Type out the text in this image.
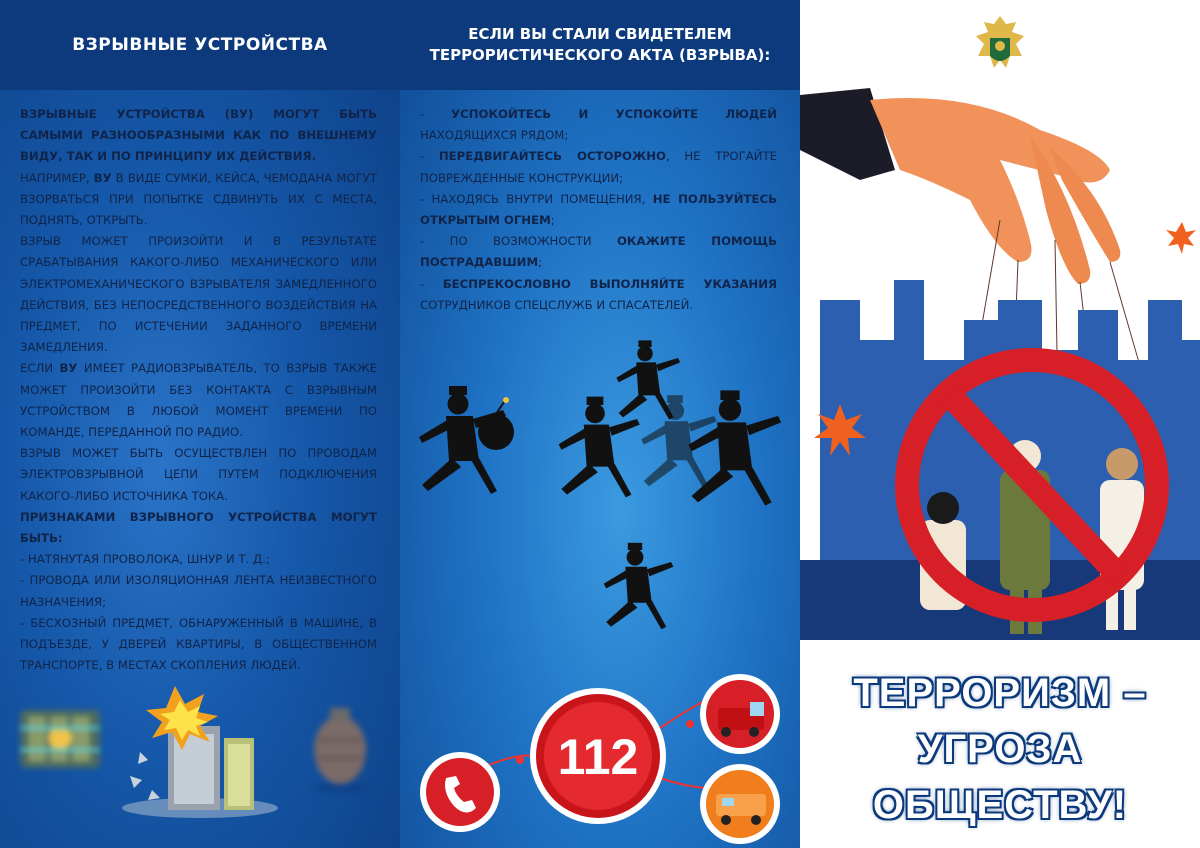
ВЗРЫВНЫЕ УСТРОЙСТВА

ВЗРЫВНЫЕ УСТРОЙСТВА (ВУ) МОГУТ БЫТЬ САМЫМИ РАЗНООБРАЗНЫМИ КАК ПО ВНЕШНЕМУ ВИДУ, ТАК И ПО ПРИНЦИПУ ИХ ДЕЙСТВИЯ.

НАПРИМЕР, ВУ В ВИДЕ СУМКИ, КЕЙСА, ЧЕМОДАНА МОГУТ ВЗОРВАТЬСЯ ПРИ ПОПЫТКЕ СДВИНУТЬ ИХ С МЕСТА, ПОДНЯТЬ, ОТКРЫТЬ.

ВЗРЫВ МОЖЕТ ПРОИЗОЙТИ И В РЕЗУЛЬТАТЕ СРАБАТЫВАНИЯ КАКОГО-ЛИБО МЕХАНИЧЕСКОГО ИЛИ ЭЛЕКТРОМЕХАНИЧЕСКОГО ВЗРЫВАТЕЛЯ ЗАМЕДЛЕННОГО ДЕЙСТВИЯ, БЕЗ НЕПОСРЕДСТВЕННОГО ВОЗДЕЙСТВИЯ НА ПРЕДМЕТ, ПО ИСТЕЧЕНИИ ЗАДАННОГО ВРЕМЕНИ ЗАМЕДЛЕНИЯ.

ЕСЛИ ВУ ИМЕЕТ РАДИОВЗРЫВАТЕЛЬ, ТО ВЗРЫВ ТАКЖЕ МОЖЕТ ПРОИЗОЙТИ БЕЗ КОНТАКТА С ВЗРЫВНЫМ УСТРОЙСТВОМ В ЛЮБОЙ МОМЕНТ ВРЕМЕНИ ПО КОМАНДЕ, ПЕРЕДАННОЙ ПО РАДИО.

ВЗРЫВ МОЖЕТ БЫТЬ ОСУЩЕСТВЛЕН ПО ПРОВОДАМ ЭЛЕКТРОВЗРЫВНОЙ ЦЕПИ ПУТЕМ ПОДКЛЮЧЕНИЯ КАКОГО-ЛИБО ИСТОЧНИКА ТОКА.

ПРИЗНАКАМИ ВЗРЫВНОГО УСТРОЙСТВА МОГУТ БЫТЬ:

- НАТЯНУТАЯ ПРОВОЛОКА, ШНУР И Т. Д.;

- ПРОВОДА ИЛИ ИЗОЛЯЦИОННАЯ ЛЕНТА НЕИЗВЕСТНОГО НАЗНАЧЕНИЯ;

- БЕСХОЗНЫЙ ПРЕДМЕТ, ОБНАРУЖЕННЫЙ В МАШИНЕ, В ПОДЪЕЗДЕ, У ДВЕРЕЙ КВАРТИРЫ, В ОБЩЕСТВЕННОМ ТРАНСПОРТЕ, В МЕСТАХ СКОПЛЕНИЯ ЛЮДЕЙ.

ЕСЛИ ВЫ СТАЛИ СВИДЕТЕЛЕМ
ТЕРРОРИСТИЧЕСКОГО АКТА (ВЗРЫВА):

- УСПОКОЙТЕСЬ И УСПОКОЙТЕ ЛЮДЕЙ НАХОДЯЩИХСЯ РЯДОМ;

- ПЕРЕДВИГАЙТЕСЬ ОСТОРОЖНО, НЕ ТРОГАЙТЕ ПОВРЕЖДЕННЫЕ КОНСТРУКЦИИ;

- НАХОДЯСЬ ВНУТРИ ПОМЕЩЕНИЯ, НЕ ПОЛЬЗУЙТЕСЬ ОТКРЫТЫМ ОГНЕМ;

- ПО ВОЗМОЖНОСТИ ОКАЖИТЕ ПОМОЩЬ ПОСТРАДАВШИМ;

- БЕСПРЕКОСЛОВНО ВЫПОЛНЯЙТЕ УКАЗАНИЯ СОТРУДНИКОВ СПЕЦСЛУЖБ И СПАСАТЕЛЕЙ.

112
ТЕРРОРИЗМ –
УГРОЗА
ОБЩЕСТВУ!
